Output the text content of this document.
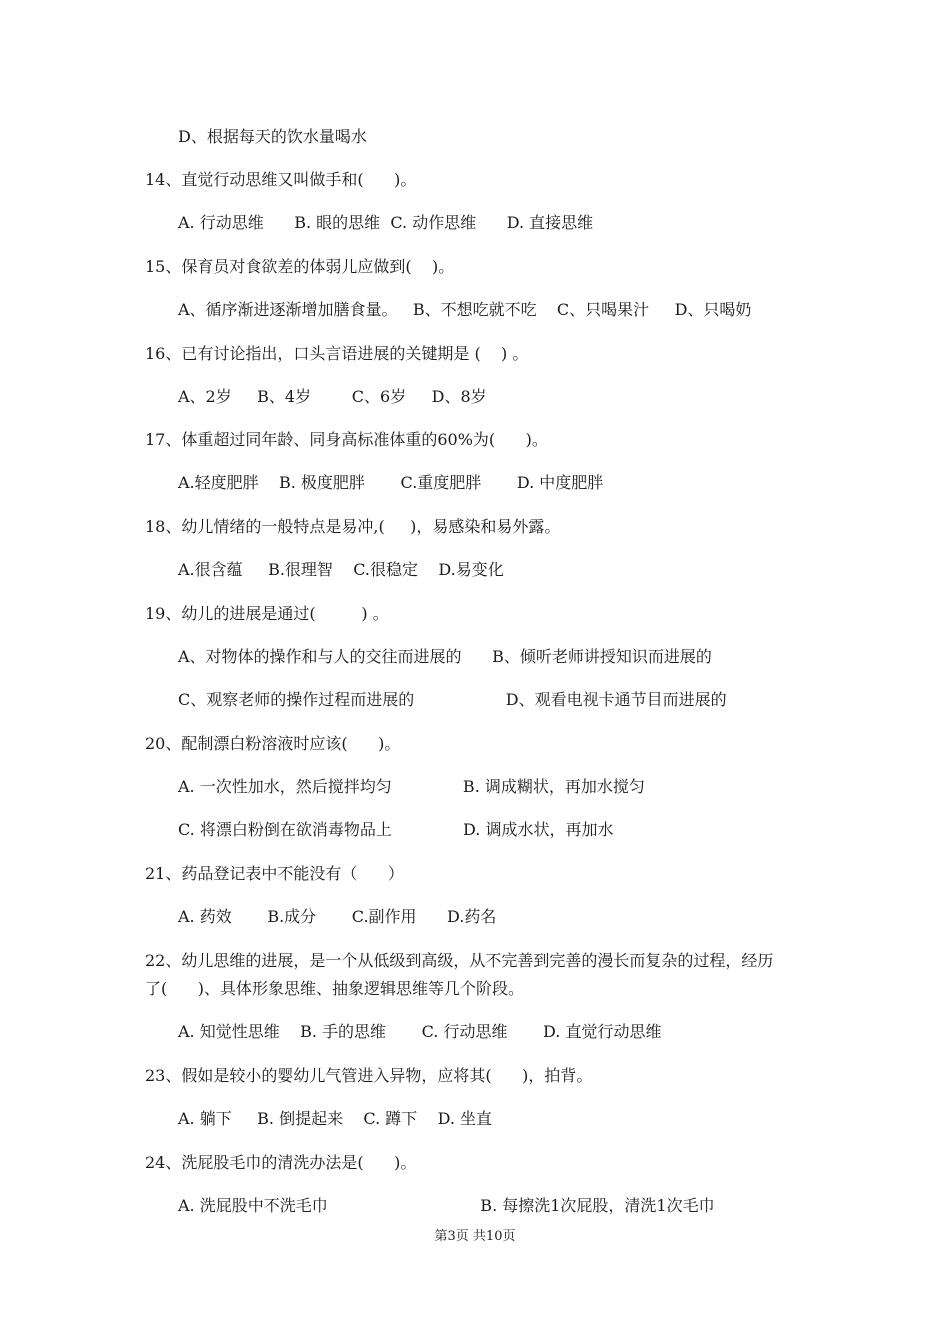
D、根据每天的饮水量喝水
14、直觉行动思维又叫做手和(      )。
A. 行动思维      B. 眼的思维  C. 动作思维      D. 直接思维
15、保育员对食欲差的体弱儿应做到(    )。
A、循序渐进逐渐增加膳食量。   B、不想吃就不吃    C、只喝果汁     D、只喝奶
16、已有讨论指出，口头言语进展的关键期是 (    ) 。
A、2岁     B、4岁        C、6岁     D、8岁
17、体重超过同年龄、同身高标准体重的60%为(      )。
A.轻度肥胖    B. 极度肥胖       C.重度肥胖       D. 中度肥胖
18、幼儿情绪的一般特点是易冲,(     )，易感染和易外露。
A.很含蕴     B.很理智    C.很稳定    D.易变化
19、幼儿的进展是通过(         ) 。
A、对物体的操作和与人的交往而进展的      B、倾听老师讲授知识而进展的
C、观察老师的操作过程而进展的                  D、观看电视卡通节目而进展的
20、配制漂白粉溶液时应该(      )。
A. 一次性加水，然后搅拌均匀              B. 调成糊状，再加水搅匀
C. 将漂白粉倒在欲消毒物品上              D. 调成水状，再加水
21、药品登记表中不能没有（      ）
A. 药效       B.成分       C.副作用      D.药名
22、幼儿思维的进展，是一个从低级到高级，从不完善到完善的漫长而复杂的过程，经历
了(      )、具体形象思维、抽象逻辑思维等几个阶段。
A. 知觉性思维    B. 手的思维       C. 行动思维       D. 直觉行动思维
23、假如是较小的婴幼儿气管进入异物，应将其(      )，拍背。
A. 躺下     B. 倒提起来    C. 蹲下    D. 坐直
24、洗屁股毛巾的清洗办法是(      )。
A. 洗屁股中不洗毛巾                              B. 每擦洗1次屁股，清洗1次毛巾
第3页 共10页
